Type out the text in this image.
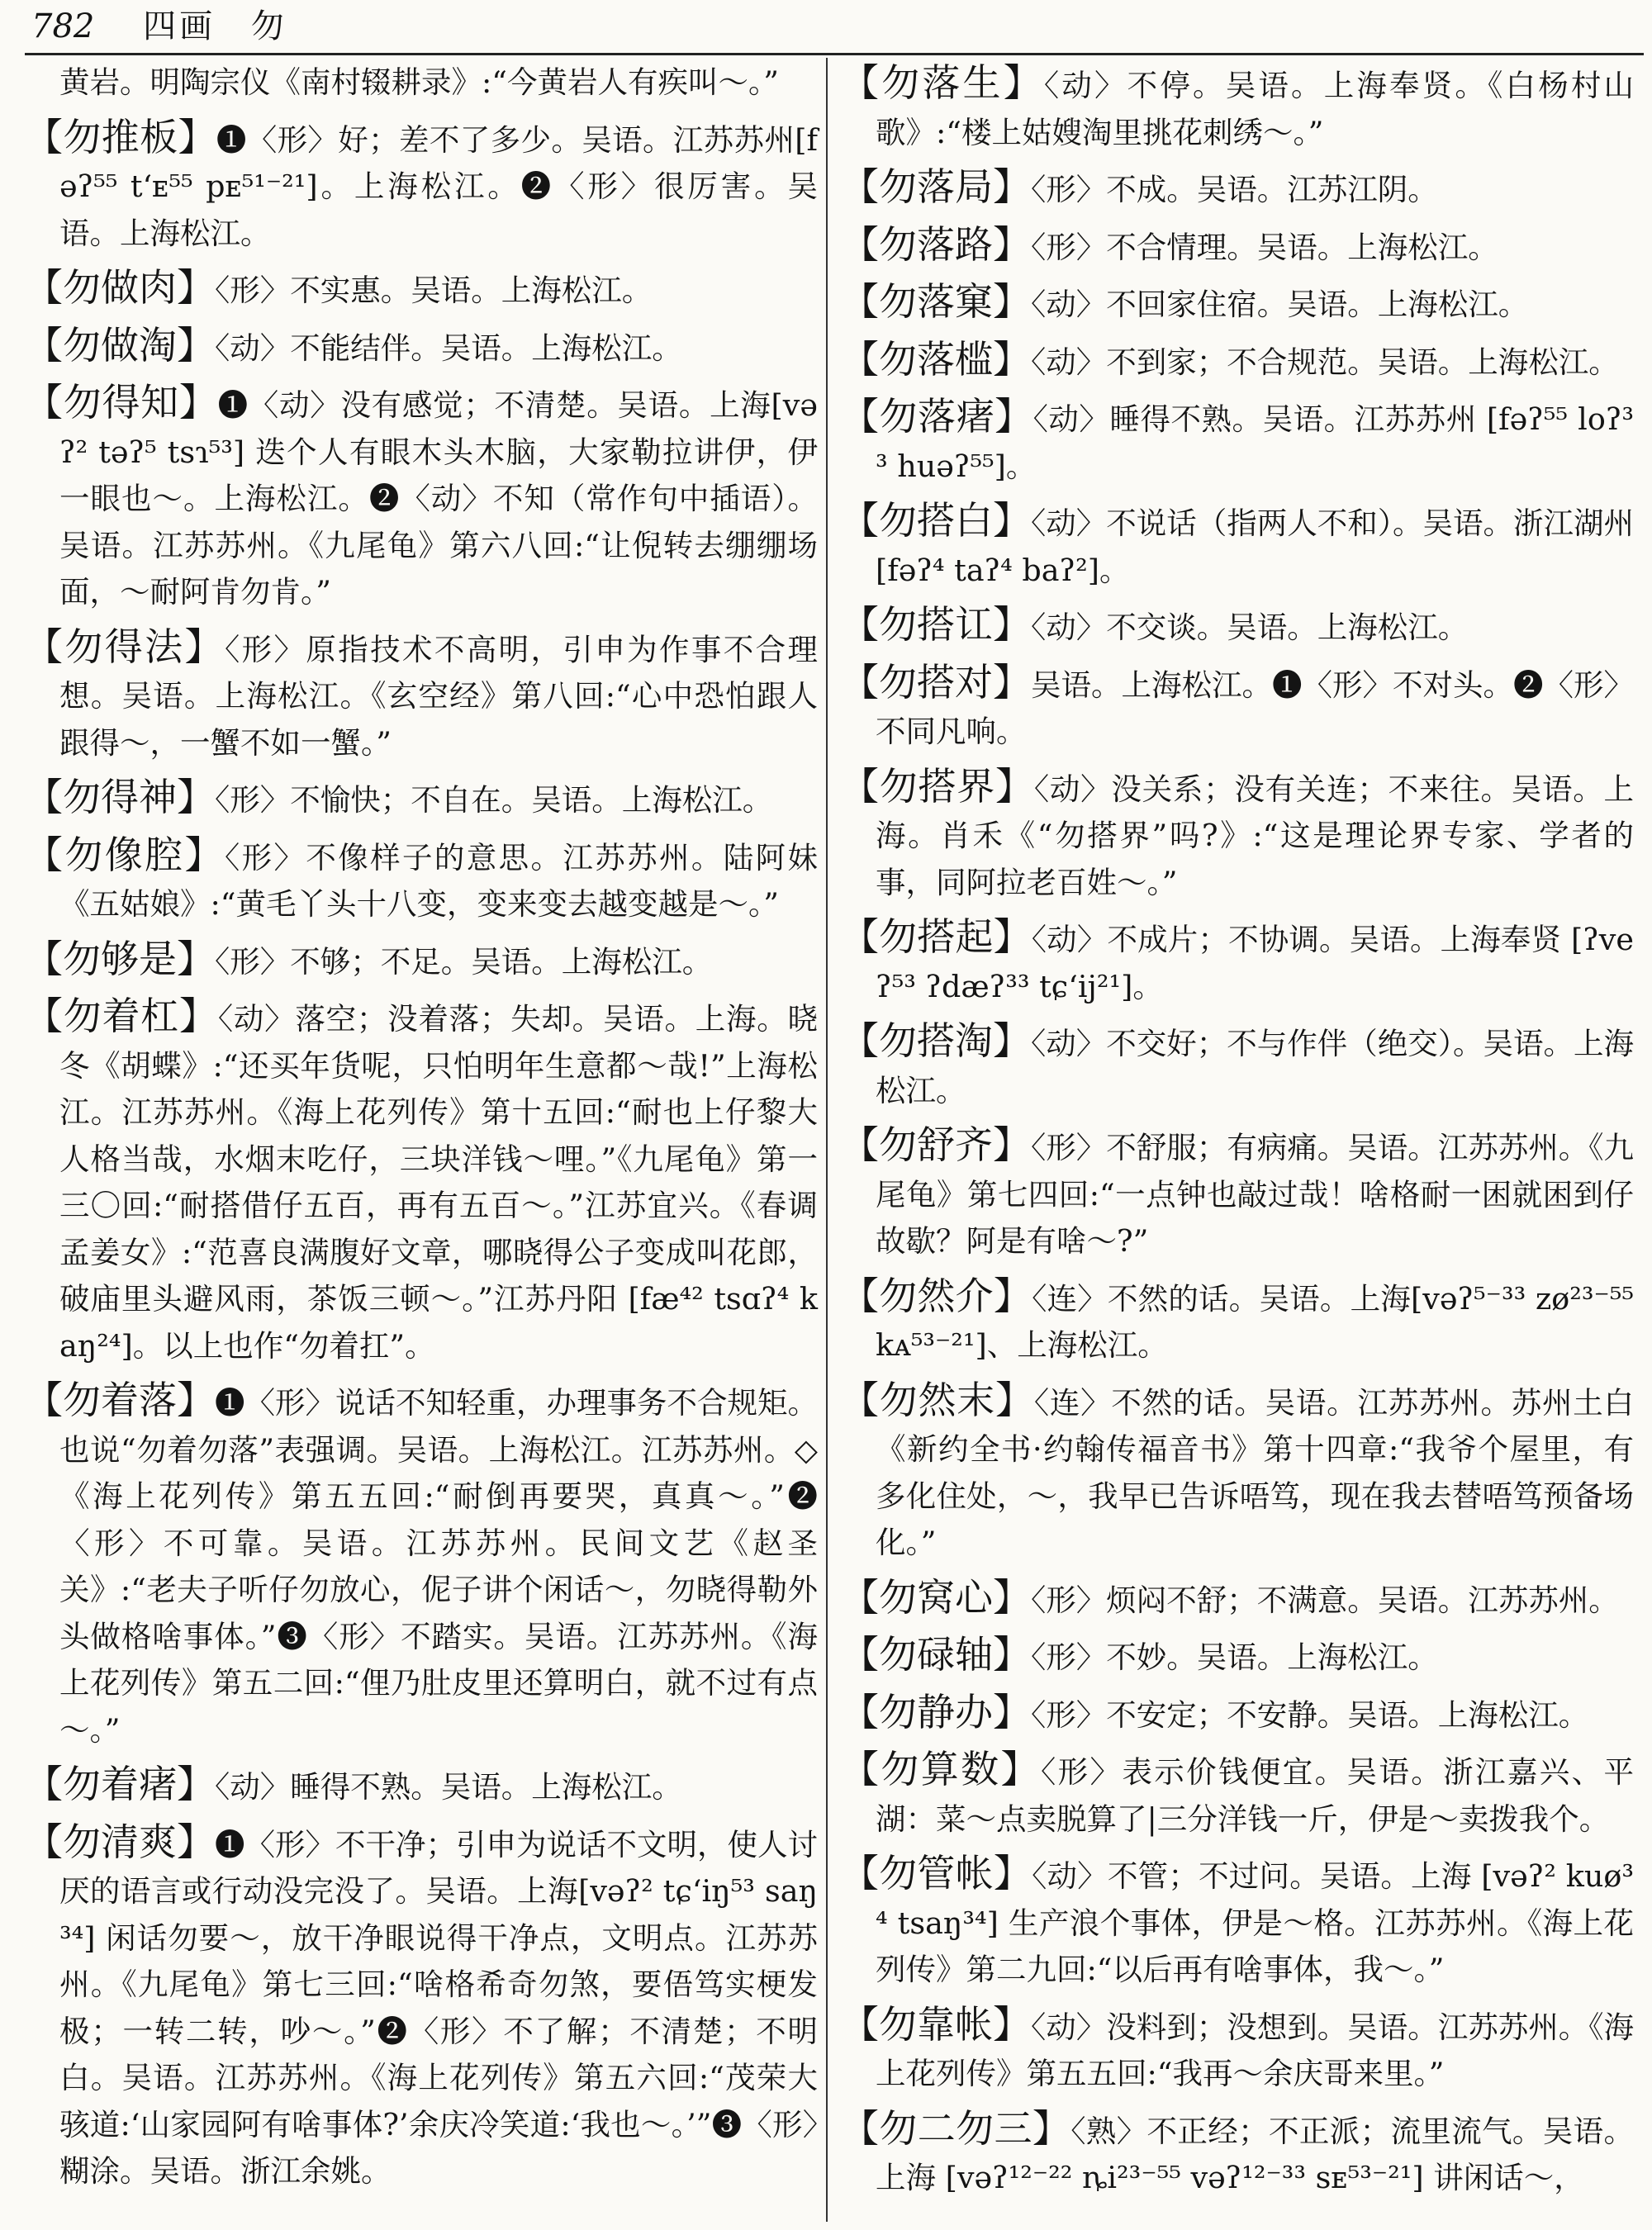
782 四画 勿

黄岩。明陶宗仪《南村辍耕录》:“今黄岩人有疾叫～。”

【勿推板】❶〈形〉好；差不了多少。吴语。江苏苏州[fəʔ⁵⁵ t‘ᴇ⁵⁵ pᴇ⁵¹⁻²¹]。上海松江。❷〈形〉很厉害。吴语。上海松江。

【勿做肉】〈形〉不实惠。吴语。上海松江。

【勿做淘】〈动〉不能结伴。吴语。上海松江。

【勿得知】❶〈动〉没有感觉；不清楚。吴语。上海[vəʔ² təʔ⁵ tsɿ⁵³] 迭个人有眼木头木脑，大家勒拉讲伊，伊一眼也～。上海松江。❷〈动〉不知（常作句中插语）。吴语。江苏苏州。《九尾龟》第六八回:“让倪转去绷绷场面，～耐阿肯勿肯。”

【勿得法】〈形〉原指技术不高明，引申为作事不合理想。吴语。上海松江。《玄空经》第八回:“心中恐怕跟人跟得～，一蟹不如一蟹。”

【勿得神】〈形〉不愉快；不自在。吴语。上海松江。

【勿像腔】〈形〉不像样子的意思。江苏苏州。陆阿妹《五姑娘》:“黄毛丫头十八变，变来变去越变越是～。”

【勿够是】〈形〉不够；不足。吴语。上海松江。

【勿着杠】〈动〉落空；没着落；失却。吴语。上海。晓冬《胡蝶》:“还买年货呢，只怕明年生意都～哉!”上海松江。江苏苏州。《海上花列传》第十五回:“耐也上仔黎大人格当哉，水烟末吃仔，三块洋钱～哩。”《九尾龟》第一三〇回:“耐搭借仔五百，再有五百～。”江苏宜兴。《春调孟姜女》:“范喜良满腹好文章，哪晓得公子变成叫花郎，破庙里头避风雨，茶饭三顿～。”江苏丹阳 [fæ⁴² tsɑʔ⁴ kaŋ²⁴]。以上也作“勿着扛”。

【勿着落】❶〈形〉说话不知轻重，办理事务不合规矩。也说“勿着勿落”表强调。吴语。上海松江。江苏苏州。◇《海上花列传》第五五回:“耐倒再要哭，真真～。”❷〈形〉不可靠。吴语。江苏苏州。民间文艺《赵圣关》:“老夫子听仔勿放心，伲子讲个闲话～，勿晓得勒外头做格啥事体。”❸〈形〉不踏实。吴语。江苏苏州。《海上花列传》第五二回:“俚乃肚皮里还算明白，就不过有点～。”

【勿着瘏】〈动〉睡得不熟。吴语。上海松江。

【勿清爽】❶〈形〉不干净；引申为说话不文明，使人讨厌的语言或行动没完没了。吴语。上海[vəʔ² tɕ‘iŋ⁵³ saŋ³⁴] 闲话勿要～，放干净眼说得干净点，文明点。江苏苏州。《九尾龟》第七三回:“啥格希奇勿煞，要俉笃实梗发极；一转二转，吵～。”❷〈形〉不了解；不清楚；不明白。吴语。江苏苏州。《海上花列传》第五六回:“茂荣大骇道:‘山家园阿有啥事体?’余庆冷笑道:‘我也～。’”❸〈形〉糊涂。吴语。浙江余姚。

【勿落生】〈动〉不停。吴语。上海奉贤。《白杨村山歌》:“楼上姑嫂淘里挑花刺绣～。”

【勿落局】〈形〉不成。吴语。江苏江阴。

【勿落路】〈形〉不合情理。吴语。上海松江。

【勿落窠】〈动〉不回家住宿。吴语。上海松江。

【勿落槛】〈动〉不到家；不合规范。吴语。上海松江。

【勿落瘏】〈动〉睡得不熟。吴语。江苏苏州 [fəʔ⁵⁵ loʔ³³ huəʔ⁵⁵]。

【勿搭白】〈动〉不说话（指两人不和）。吴语。浙江湖州 [fəʔ⁴ taʔ⁴ baʔ²]。

【勿搭讧】〈动〉不交谈。吴语。上海松江。

【勿搭对】吴语。上海松江。❶〈形〉不对头。❷〈形〉不同凡响。

【勿搭界】〈动〉没关系；没有关连；不来往。吴语。上海。肖禾《“勿搭界”吗?》:“这是理论界专家、学者的事，同阿拉老百姓～。”

【勿搭起】〈动〉不成片；不协调。吴语。上海奉贤 [ʔveʔ⁵³ ʔdæʔ³³ tɕ‘ij²¹]。

【勿搭淘】〈动〉不交好；不与作伴（绝交）。吴语。上海松江。

【勿舒齐】〈形〉不舒服；有病痛。吴语。江苏苏州。《九尾龟》第七四回:“一点钟也敲过哉！啥格耐一困就困到仔故歇？阿是有啥～?”

【勿然介】〈连〉不然的话。吴语。上海[vəʔ⁵⁻³³ zø²³⁻⁵⁵ kᴀ⁵³⁻²¹]、上海松江。

【勿然末】〈连〉不然的话。吴语。江苏苏州。苏州土白《新约全书·约翰传福音书》第十四章:“我爷个屋里，有多化住处，～，我早已告诉唔笃，现在我去替唔笃预备场化。”

【勿窝心】〈形〉烦闷不舒；不满意。吴语。江苏苏州。

【勿碌轴】〈形〉不妙。吴语。上海松江。

【勿静办】〈形〉不安定；不安静。吴语。上海松江。

【勿算数】〈形〉表示价钱便宜。吴语。浙江嘉兴、平湖：菜～点卖脱算了|三分洋钱一斤，伊是～卖拨我个。

【勿管帐】〈动〉不管；不过问。吴语。上海 [vəʔ² kuø³⁴ tsaŋ³⁴] 生产浪个事体，伊是～格。江苏苏州。《海上花列传》第二九回:“以后再有啥事体，我～。”

【勿靠帐】〈动〉没料到；没想到。吴语。江苏苏州。《海上花列传》第五五回:“我再～余庆哥来里。”

【勿二勿三】〈熟〉不正经；不正派；流里流气。吴语。上海 [vəʔ¹²⁻²² ȵi²³⁻⁵⁵ vəʔ¹²⁻³³ sᴇ⁵³⁻²¹] 讲闲话～，
